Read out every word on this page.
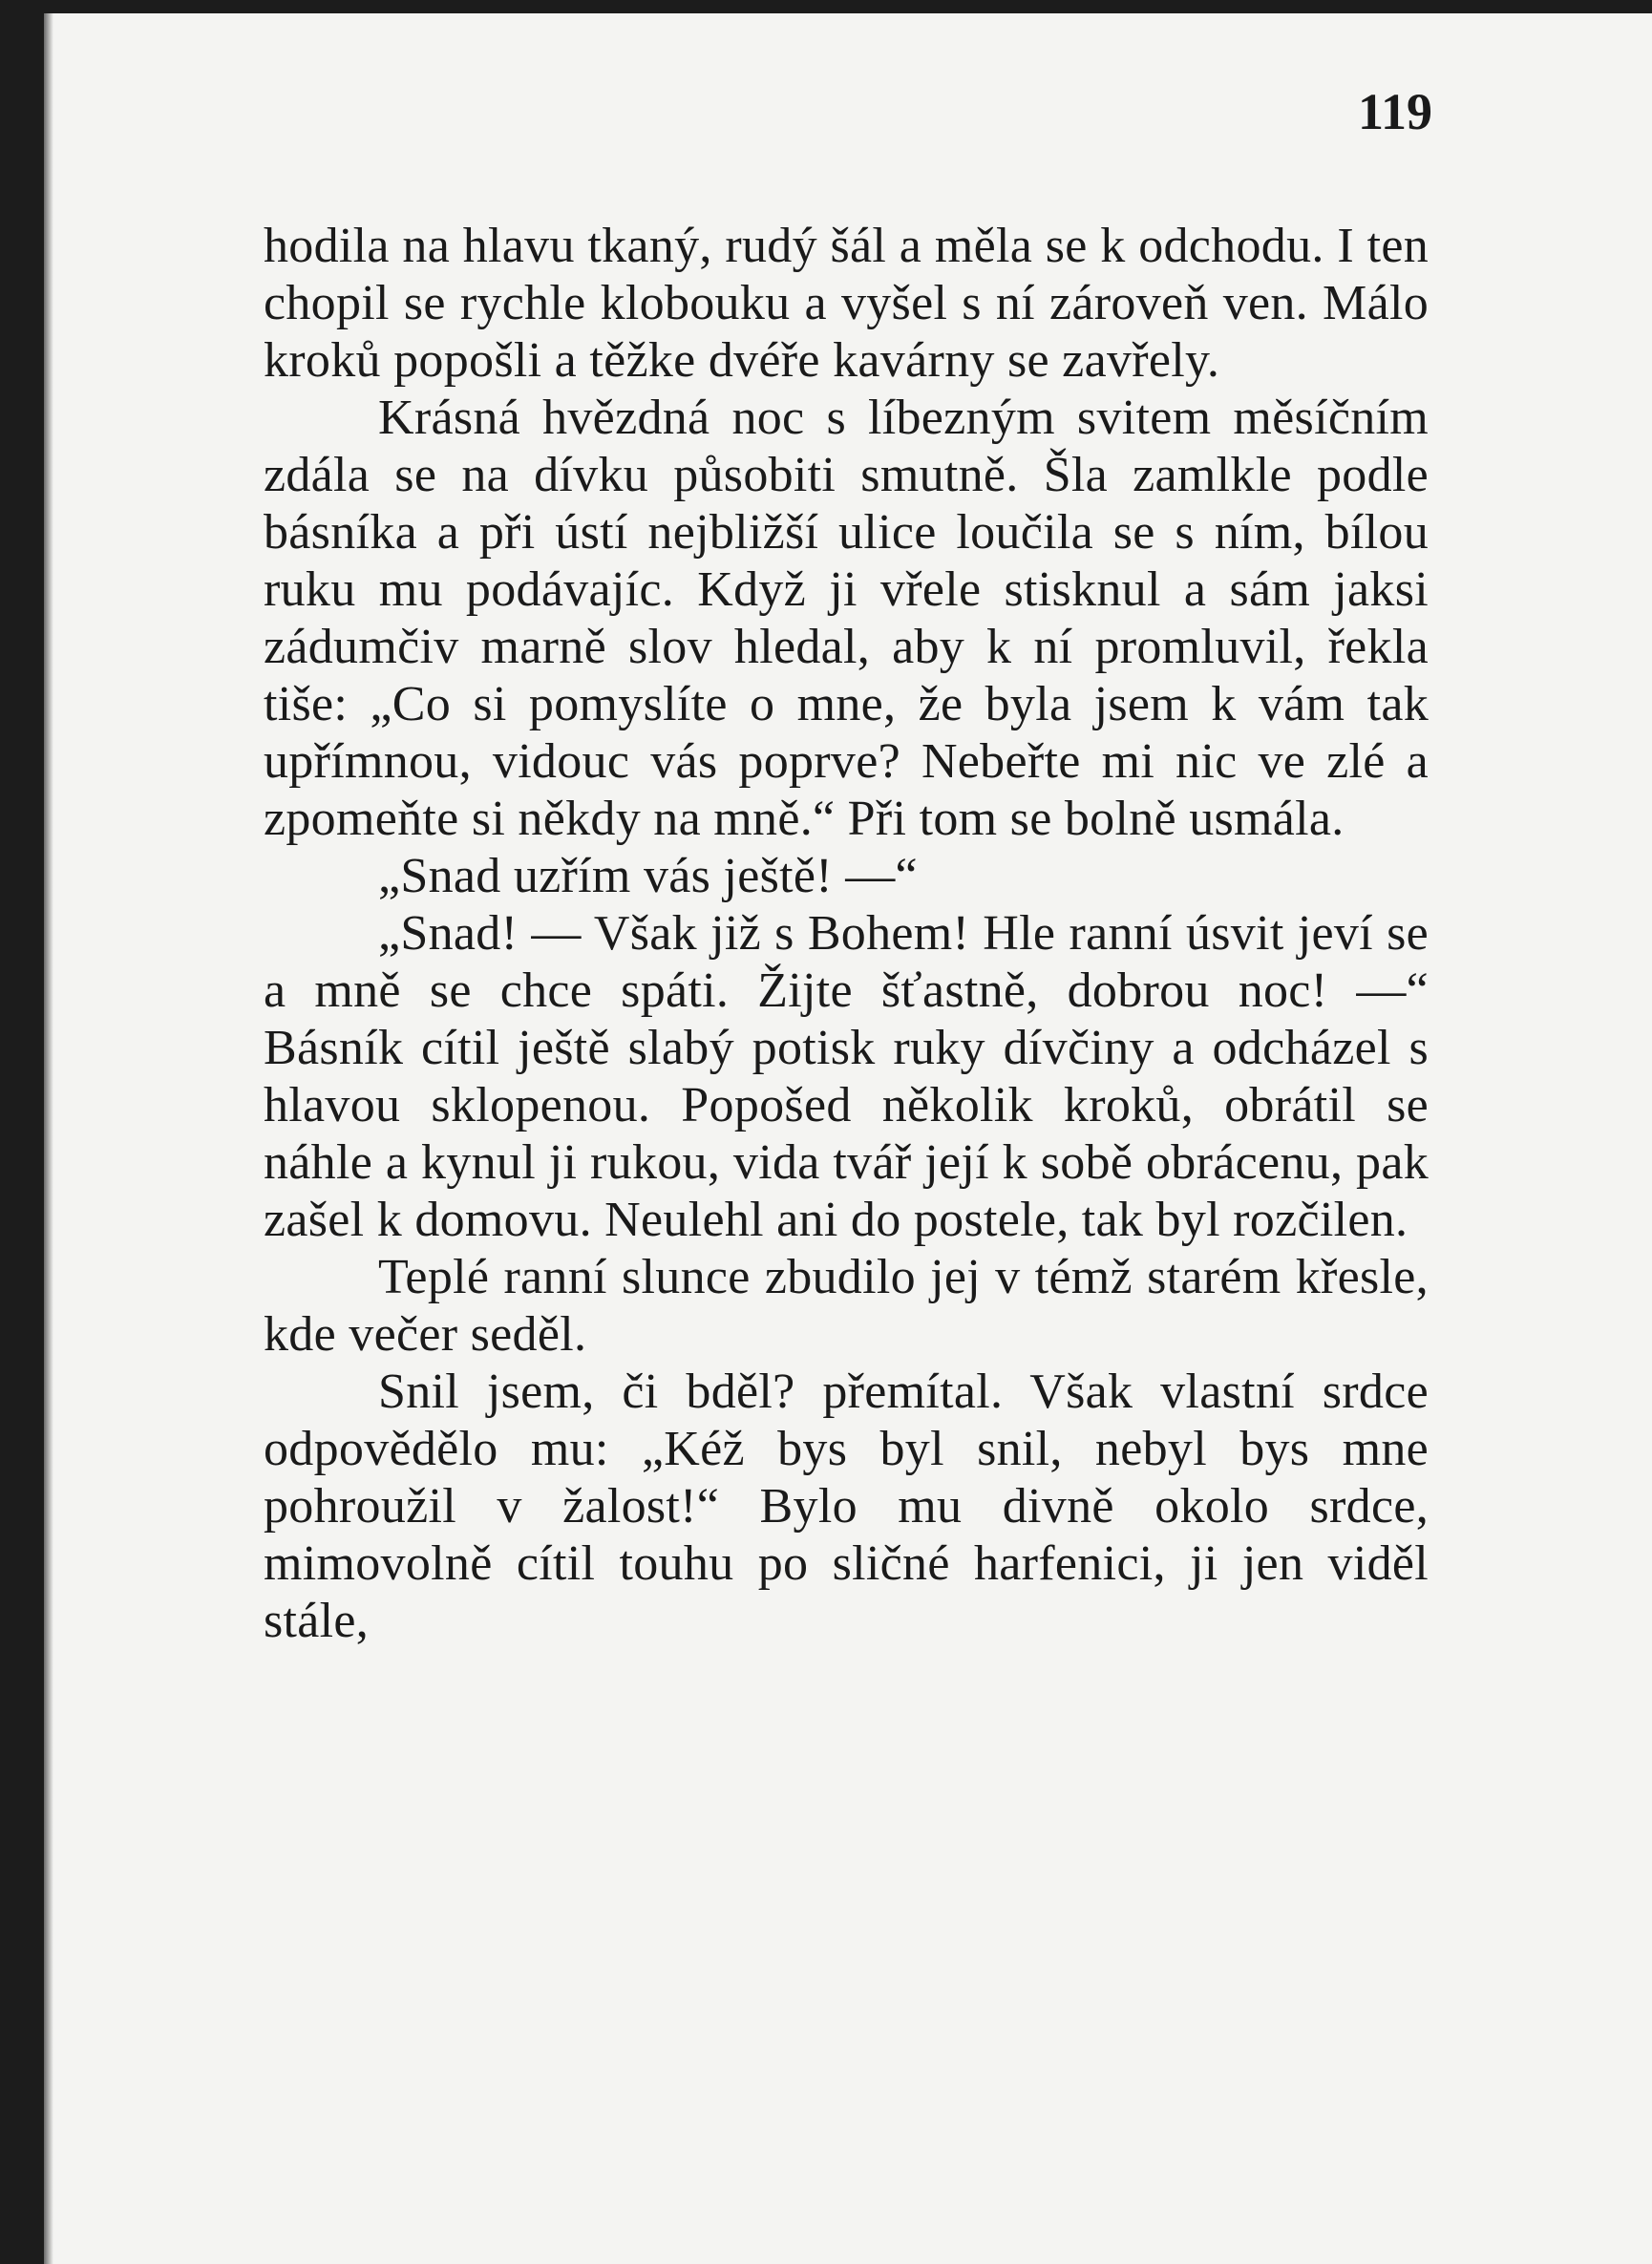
119

hodila na hlavu tkaný, rudý šál a měla se k odchodu. I ten chopil se rychle klobouku a vyšel s ní zároveň ven. Málo kroků popošli a těžke dvéře kavárny se zavřely.

Krásná hvězdná noc s líbezným svitem měsíčním zdála se na dívku působiti smutně. Šla zamlkle podle básníka a při ústí nejbližší ulice loučila se s ním, bílou ruku mu podávajíc. Když ji vřele stisknul a sám jaksi zádumčiv marně slov hledal, aby k ní promluvil, řekla tiše: „Co si pomyslíte o mne, že byla jsem k vám tak upřímnou, vidouc vás poprve? Nebeřte mi nic ve zlé a zpomeňte si někdy na mně.“ Při tom se bolně usmála.

„Snad uzřím vás ještě! —“

„Snad! — Však již s Bohem! Hle ranní úsvit jeví se a mně se chce spáti. Žijte šťastně, dobrou noc! —“ Básník cítil ještě slabý potisk ruky dívčiny a odcházel s hlavou sklopenou. Popošed několik kroků, obrátil se náhle a kynul ji rukou, vida tvář její k sobě obrácenu, pak zašel k domovu. Neulehl ani do postele, tak byl rozčilen.

Teplé ranní slunce zbudilo jej v témž starém křesle, kde večer seděl.

Snil jsem, či bděl? přemítal. Však vlastní srdce odpovědělo mu: „Kéž bys byl snil, nebyl bys mne pohroužil v žalost!“ Bylo mu divně okolo srdce, mimovolně cítil touhu po sličné harfenici, ji jen viděl stále,
